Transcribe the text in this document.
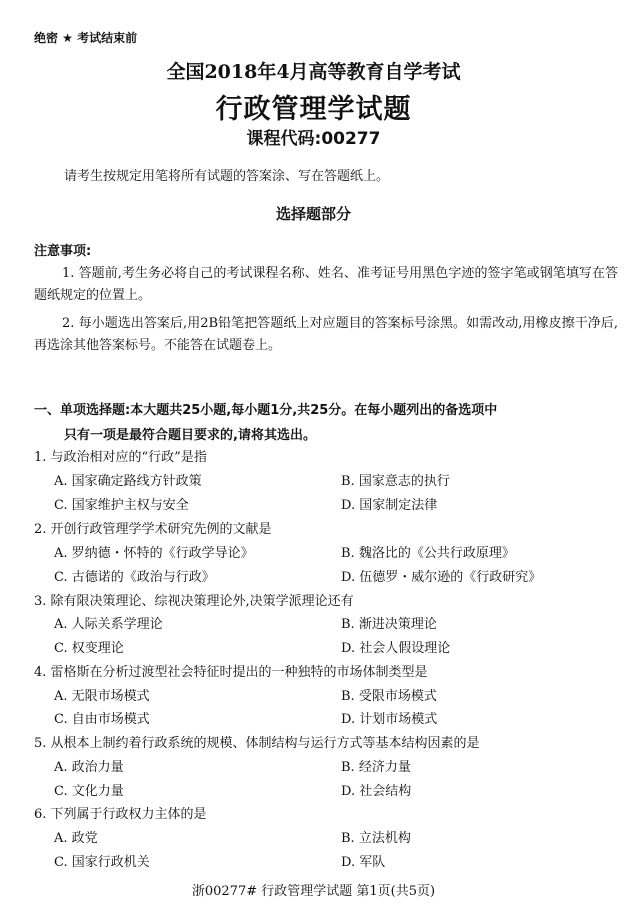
绝密 ★ 考试结束前
全国2018年4月高等教育自学考试
行政管理学试题
课程代码:00277
请考生按规定用笔将所有试题的答案涂、写在答题纸上。
选择题部分
注意事项:
1. 答题前,考生务必将自己的考试课程名称、姓名、准考证号用黑色字迹的签字笔或钢笔填写在答题纸规定的位置上。
2. 每小题选出答案后,用2B铅笔把答题纸上对应题目的答案标号涂黑。如需改动,用橡皮擦干净后,再选涂其他答案标号。不能答在试题卷上。
一、单项选择题:本大题共25小题,每小题1分,共25分。在每小题列出的备选项中
只有一项是最符合题目要求的,请将其选出。
1. 与政治相对应的“行政”是指
A. 国家确定路线方针政策	B. 国家意志的执行
C. 国家维护主权与安全	D. 国家制定法律
2. 开创行政管理学学术研究先例的文献是
A. 罗纳德・怀特的《行政学导论》	B. 魏洛比的《公共行政原理》
C. 古德诺的《政治与行政》	D. 伍德罗・威尔逊的《行政研究》
3. 除有限决策理论、综视决策理论外,决策学派理论还有
A. 人际关系学理论	B. 渐进决策理论
C. 权变理论	D. 社会人假设理论
4. 雷格斯在分析过渡型社会特征时提出的一种独特的市场体制类型是
A. 无限市场模式	B. 受限市场模式
C. 自由市场模式	D. 计划市场模式
5. 从根本上制约着行政系统的规模、体制结构与运行方式等基本结构因素的是
A. 政治力量	B. 经济力量
C. 文化力量	D. 社会结构
6. 下列属于行政权力主体的是
A. 政党	B. 立法机构
C. 国家行政机关	D. 军队
浙00277# 行政管理学试题 第1页(共5页)
